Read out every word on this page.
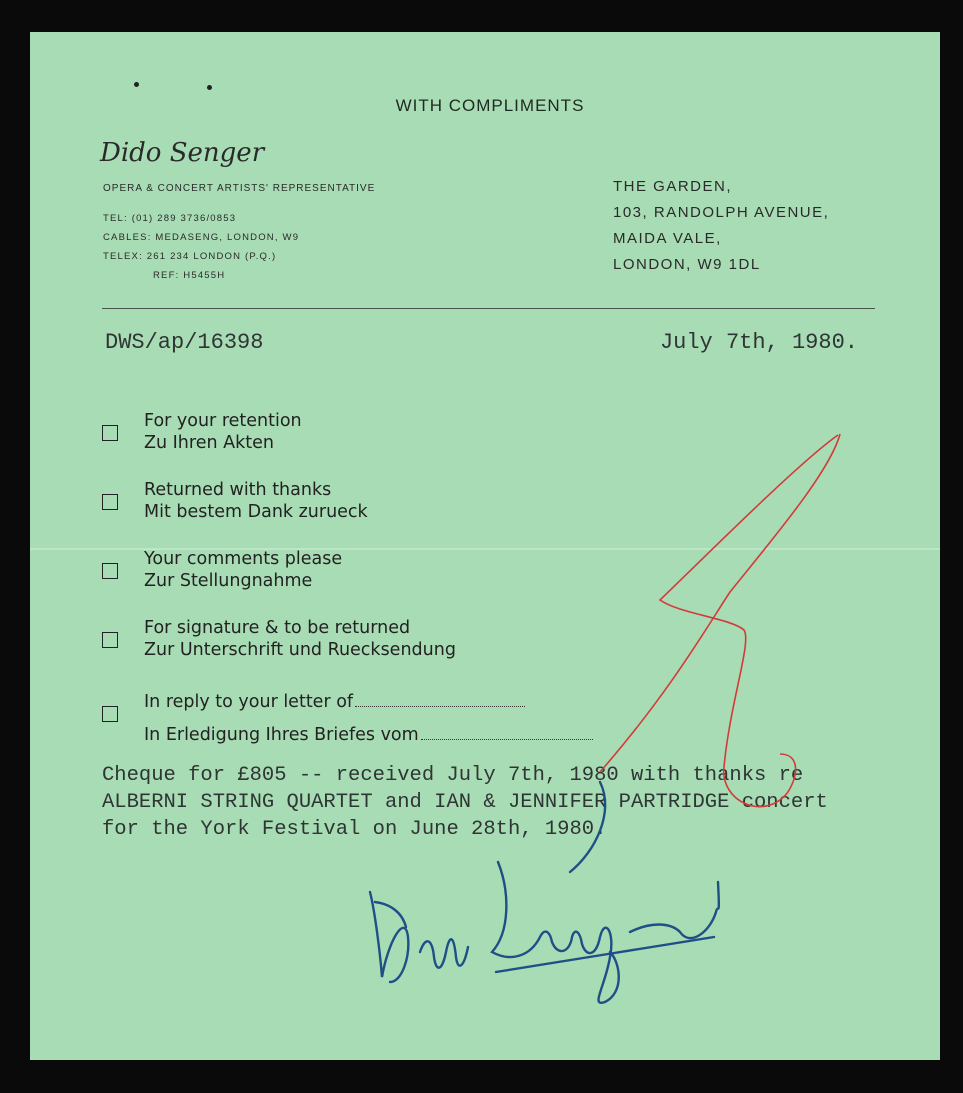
WITH COMPLIMENTS
Dido Senger
OPERA & CONCERT ARTISTS' REPRESENTATIVE
TEL: (01) 289 3736/0853
CABLES: MEDASENG, LONDON, W9
TELEX: 261 234 LONDON (P.Q.)
REF: H5455H
THE GARDEN,
103, RANDOLPH AVENUE,
MAIDA VALE,
LONDON, W9 1DL
DWS/ap/16398	July 7th, 1980.
For your retention
Zu Ihren Akten
Returned with thanks
Mit bestem Dank zurueck
Your comments please
Zur Stellungnahme
For signature & to be returned
Zur Unterschrift und Ruecksendung
In reply to your letter of
In Erledigung Ihres Briefes vom
Cheque for £805 -- received July 7th, 1980 with thanks re
ALBERNI STRING QUARTET and IAN & JENNIFER PARTRIDGE concert
for the York Festival on June 28th, 1980.
